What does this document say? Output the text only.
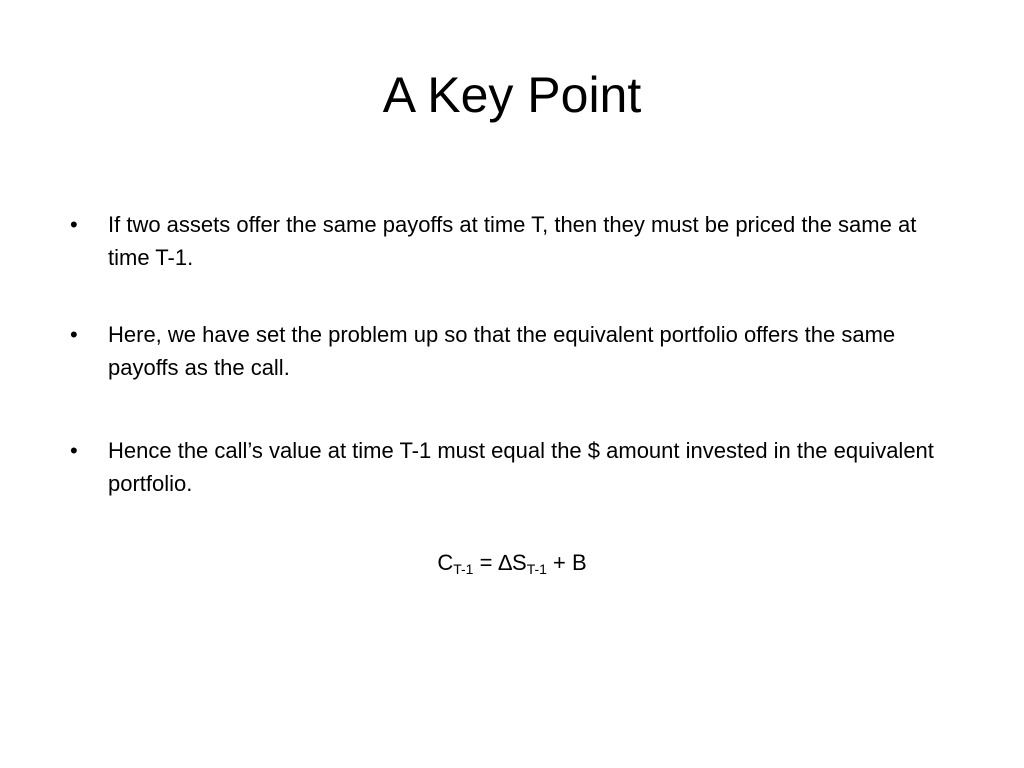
A Key Point
• If two assets offer the same payoffs at time T, then they must be priced the same at time T-1.
• Here, we have set the problem up so that the equivalent portfolio offers the same payoffs as the call.
• Hence the call’s value at time T-1 must equal the $ amount invested in the equivalent portfolio.
$C_{T-1} = \Delta S_{T-1} + B$
